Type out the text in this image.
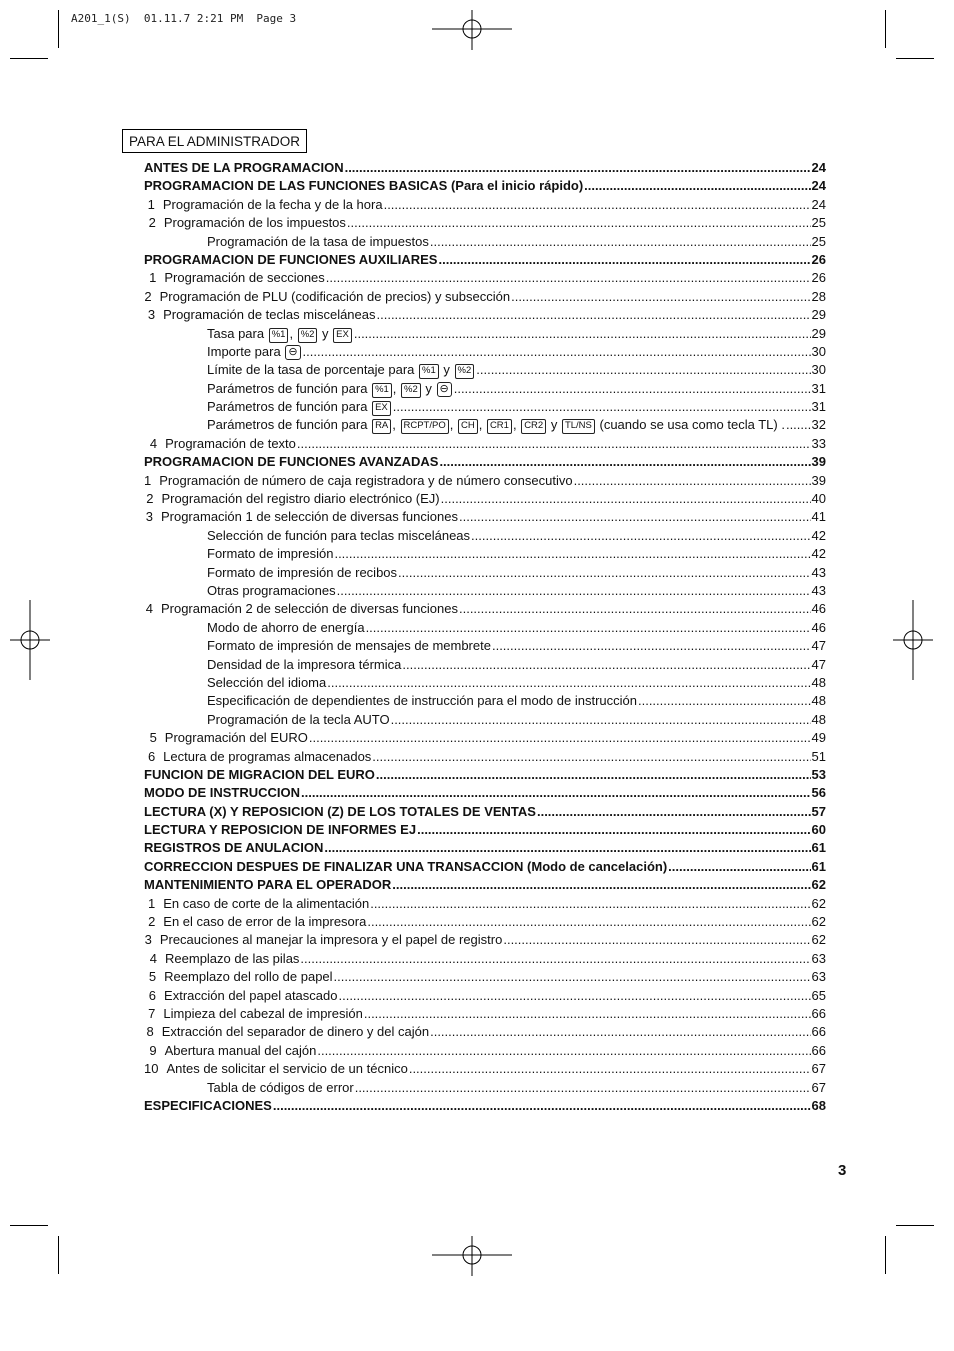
A201_1(S)  01.11.7 2:21 PM  Page 3
PARA EL ADMINISTRADOR
ANTES DE LA PROGRAMACION .....	24
PROGRAMACION DE LAS FUNCIONES BASICAS (Para el inicio rápido) .....	24
1 Programación de la fecha y de la hora .....	24
2 Programación de los impuestos .....	25
Programación de la tasa de impuestos .....	25
PROGRAMACION DE FUNCIONES AUXILIARES .....	26
1 Programación de secciones .....	26
2 Programación de PLU (codificación de precios) y subsección .....	28
3 Programación de teclas misceláneas .....	29
Tasa para %1 , %2 y EX .....	29
Importe para ⊖ .....	30
Límite de la tasa de porcentaje para %1 y %2 .....	30
Parámetros de función para %1 , %2 y ⊖ .....	31
Parámetros de función para EX .....	31
Parámetros de función para RA , RCPT/PO , CH , CR1 , CR2 y TL/NS (cuando se usa como tecla TL) . ..... 32
4 Programación de texto .....	33
PROGRAMACION DE FUNCIONES AVANZADAS .....	39
1 Programación de número de caja registradora y de número consecutivo .....	39
2 Programación del registro diario electrónico (EJ) .....	40
3 Programación 1 de selección de diversas funciones .....	41
Selección de función para teclas misceláneas .....	42
Formato de impresión .....	42
Formato de impresión de recibos .....	43
Otras programaciones .....	43
4 Programación 2 de selección de diversas funciones .....	46
Modo de ahorro de energía .....	46
Formato de impresión de mensajes de membrete .....	47
Densidad de la impresora térmica .....	47
Selección del idioma .....	48
Especificación de dependientes de instrucción para el modo de instrucción .....	48
Programación de la tecla AUTO .....	48
5 Programación del EURO .....	49
6 Lectura de programas almacenados .....	51
FUNCION DE MIGRACION DEL EURO .....	53
MODO DE INSTRUCCION .....	56
LECTURA (X) Y REPOSICION (Z) DE LOS TOTALES DE VENTAS .....	57
LECTURA Y REPOSICION DE INFORMES EJ .....	60
REGISTROS DE ANULACION .....	61
CORRECCION DESPUES DE FINALIZAR UNA TRANSACCION (Modo de cancelación) .....	61
MANTENIMIENTO PARA EL OPERADOR .....	62
1 En caso de corte de la alimentación .....	62
2 En el caso de error de la impresora .....	62
3 Precauciones al manejar la impresora y el papel de registro .....	62
4 Reemplazo de las pilas .....	63
5 Reemplazo del rollo de papel .....	63
6 Extracción del papel atascado .....	65
7 Limpieza del cabezal de impresión .....	66
8 Extracción del separador de dinero y del cajón .....	66
9 Abertura manual del cajón .....	66
10 Antes de solicitar el servicio de un técnico .....	67
Tabla de códigos de error .....	67
ESPECIFICACIONES .....	68
3
